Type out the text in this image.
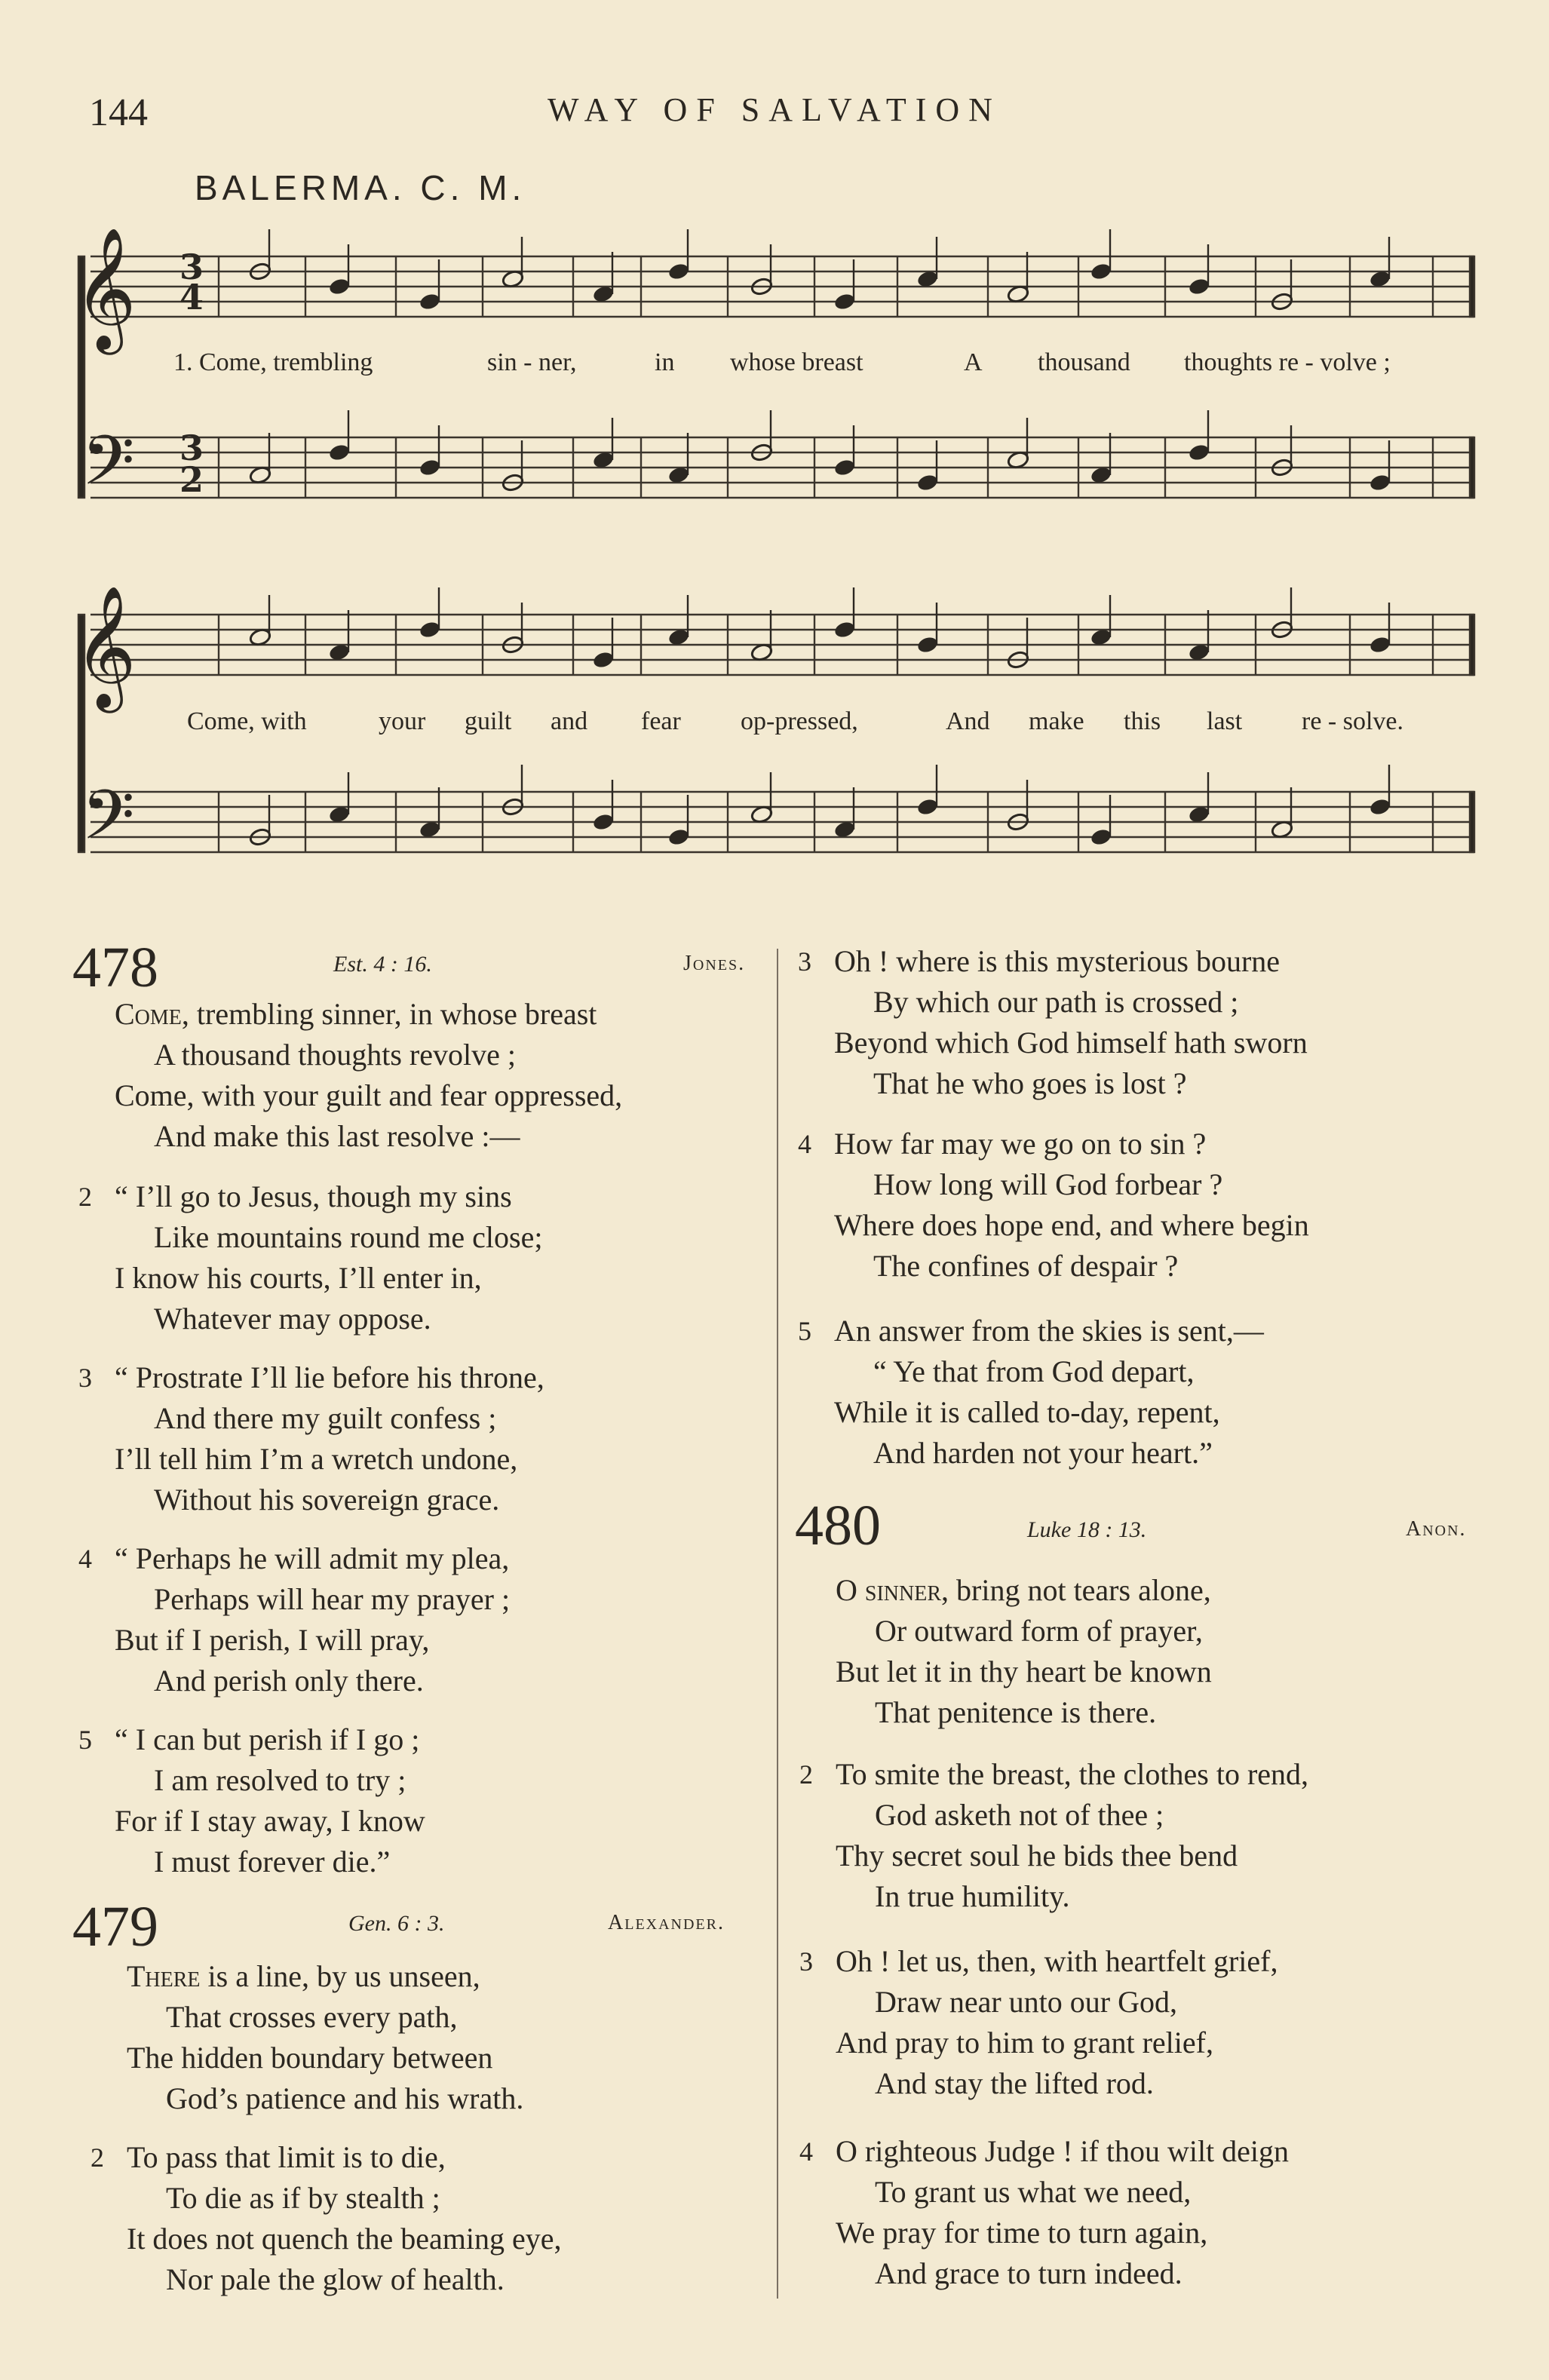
144	WAY OF SALVATION
BALERMA. C. M.
𝄞
𝄢
𝄞
𝄢
3
4
3
2
1. Come, trembling	sin - ner,	in whose breast	A thousand thoughts re - volve ;
Come, with	your guilt and fear op-pressed,	And make this last re - solve.
478	Est. 4 : 16.	Jones.
Come, trembling sinner, in whose breast
A thousand thoughts revolve ;
Come, with your guilt and fear oppressed,
And make this last resolve :—
2 “ I’ll go to Jesus, though my sins
Like mountains round me close;
I know his courts, I’ll enter in,
Whatever may oppose.
3 “ Prostrate I’ll lie before his throne,
And there my guilt confess ;
I’ll tell him I’m a wretch undone,
Without his sovereign grace.
4 “ Perhaps he will admit my plea,
Perhaps will hear my prayer ;
But if I perish, I will pray,
And perish only there.
5 “ I can but perish if I go ;
I am resolved to try ;
For if I stay away, I know
I must forever die.”
479	Gen. 6 : 3.	Alexander.
There is a line, by us unseen,
That crosses every path,
The hidden boundary between
God’s patience and his wrath.
2 To pass that limit is to die,
To die as if by stealth ;
It does not quench the beaming eye,
Nor pale the glow of health.
3 Oh ! where is this mysterious bourne
By which our path is crossed ;
Beyond which God himself hath sworn
That he who goes is lost ?
4 How far may we go on to sin ?
How long will God forbear ?
Where does hope end, and where begin
The confines of despair ?
5 An answer from the skies is sent,—
“ Ye that from God depart,
While it is called to-day, repent,
And harden not your heart.”
480	Luke 18 : 13.	Anon.
O sinner, bring not tears alone,
Or outward form of prayer,
But let it in thy heart be known
That penitence is there.
2 To smite the breast, the clothes to rend,
God asketh not of thee ;
Thy secret soul he bids thee bend
In true humility.
3 Oh ! let us, then, with heartfelt grief,
Draw near unto our God,
And pray to him to grant relief,
And stay the lifted rod.
4 O righteous Judge ! if thou wilt deign
To grant us what we need,
We pray for time to turn again,
And grace to turn indeed.
